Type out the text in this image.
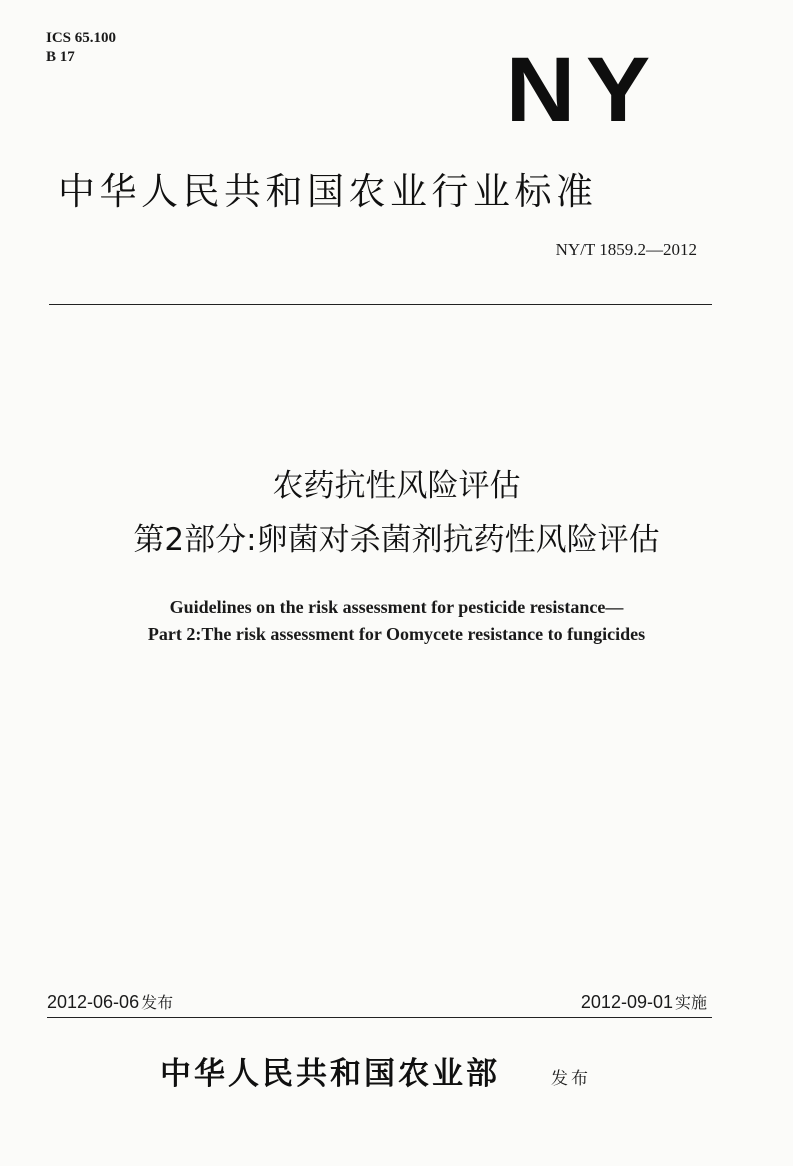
ICS 65.100
B 17	NY
中华人民共和国农业行业标准
NY/T 1859.2—2012
农药抗性风险评估
第2部分:卵菌对杀菌剂抗药性风险评估
Guidelines on the risk assessment for pesticide resistance—
Part 2:The risk assessment for Oomycete resistance to fungicides
2012-06-06 发布	2012-09-01 实施
中华人民共和国农业部	发布
